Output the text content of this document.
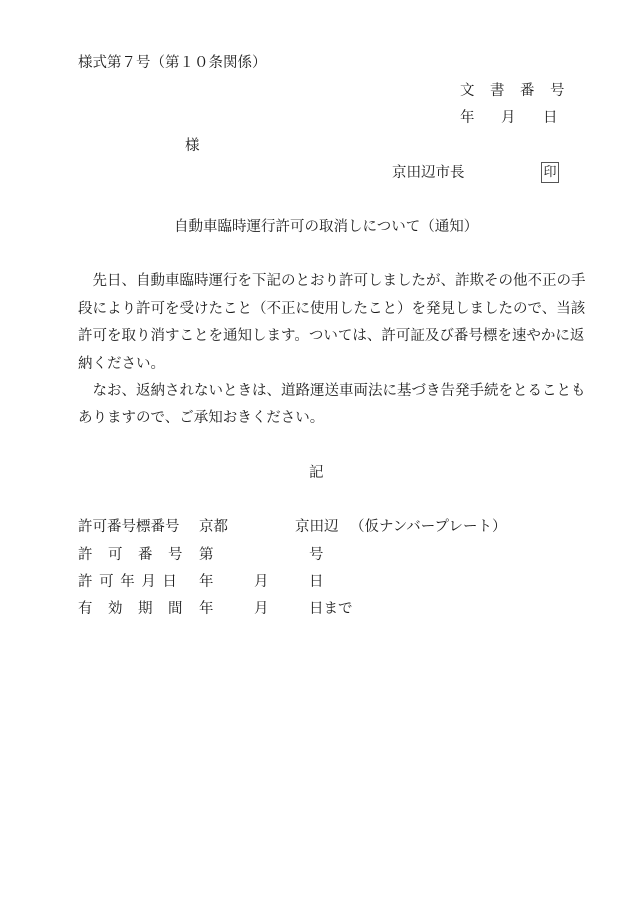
様式第７号（第１０条関係）
文　書　番　号
年 月 日
様
京田辺市長	印
自動車臨時運行許可の取消しについて（通知）
　先日、自動車臨時運行を下記のとおり許可しましたが、詐欺その他不正の手
段により許可を受けたこと（不正に使用したこと）を発見しましたので、当該
許可を取り消すことを通知します。ついては、許可証及び番号標を速やかに返
納ください。
　なお、返納されないときは、道路運送車両法に基づき告発手続をとることも
ありますので、ご承知おきください。
記
許可番号標番号 京都	京田辺 （仮ナンバープレート）
許　可　番　号 第	号
許 可 年 月 日 年	月	日
有　効　期　間 年	月	日まで
